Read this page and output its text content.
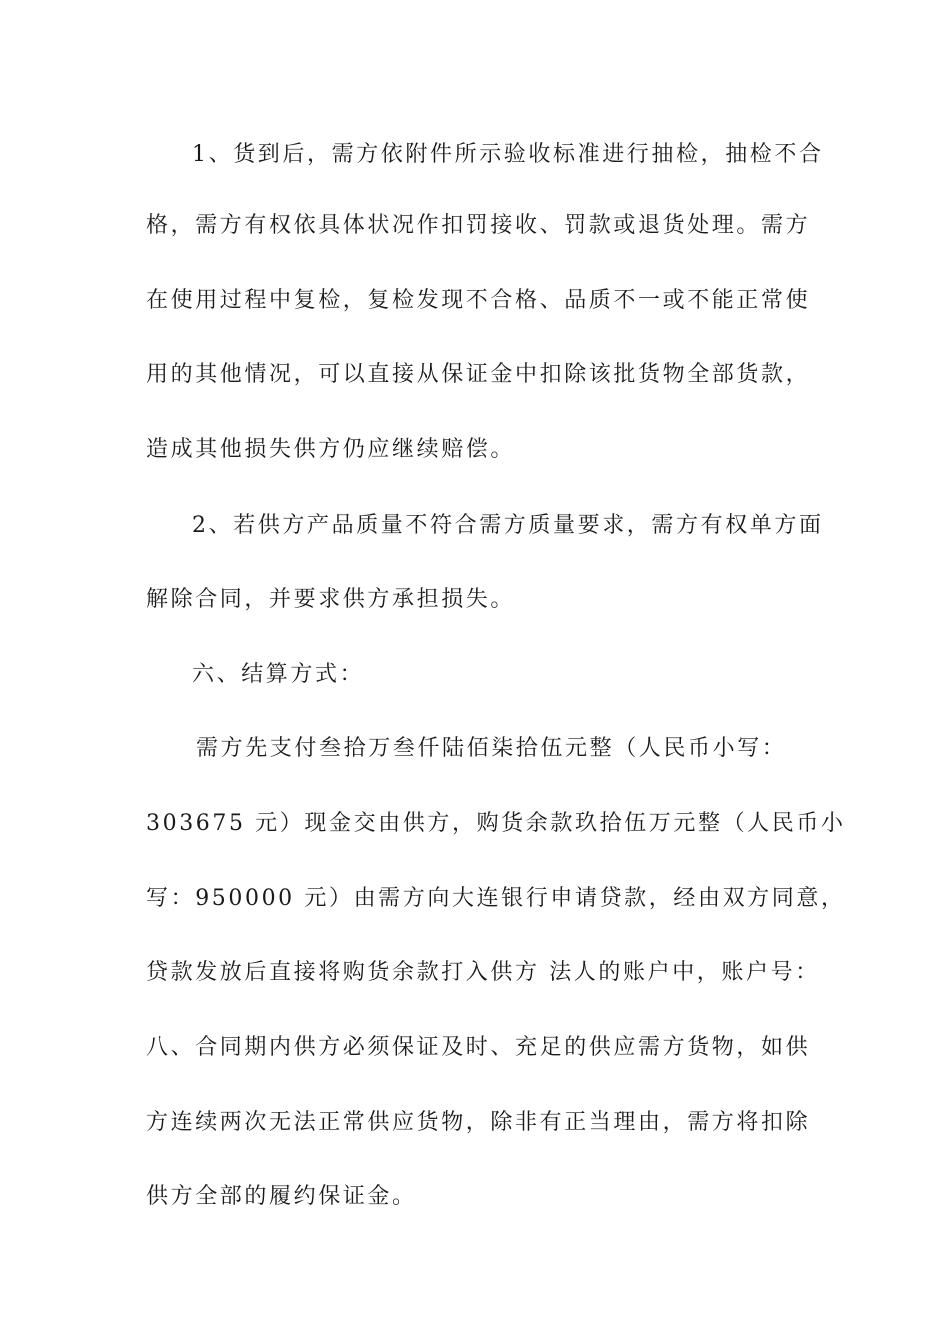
1、货到后，需方依附件所示验收标准进行抽检，抽检不合
格，需方有权依具体状况作扣罚接收、罚款或退货处理。需方
在使用过程中复检，复检发现不合格、品质不一或不能正常使
用的其他情况，可以直接从保证金中扣除该批货物全部货款，
造成其他损失供方仍应继续赔偿。
2、若供方产品质量不符合需方质量要求，需方有权单方面
解除合同，并要求供方承担损失。
六、结算方式：
需方先支付叁拾万叁仟陆佰柒拾伍元整（人民币小写：
303675 元）现金交由供方，购货余款玖拾伍万元整（人民币小
写：950000 元）由需方向大连银行申请贷款，经由双方同意，
贷款发放后直接将购货余款打入供方 法人的账户中，账户号：
八、合同期内供方必须保证及时、充足的供应需方货物，如供
方连续两次无法正常供应货物，除非有正当理由，需方将扣除
供方全部的履约保证金。
